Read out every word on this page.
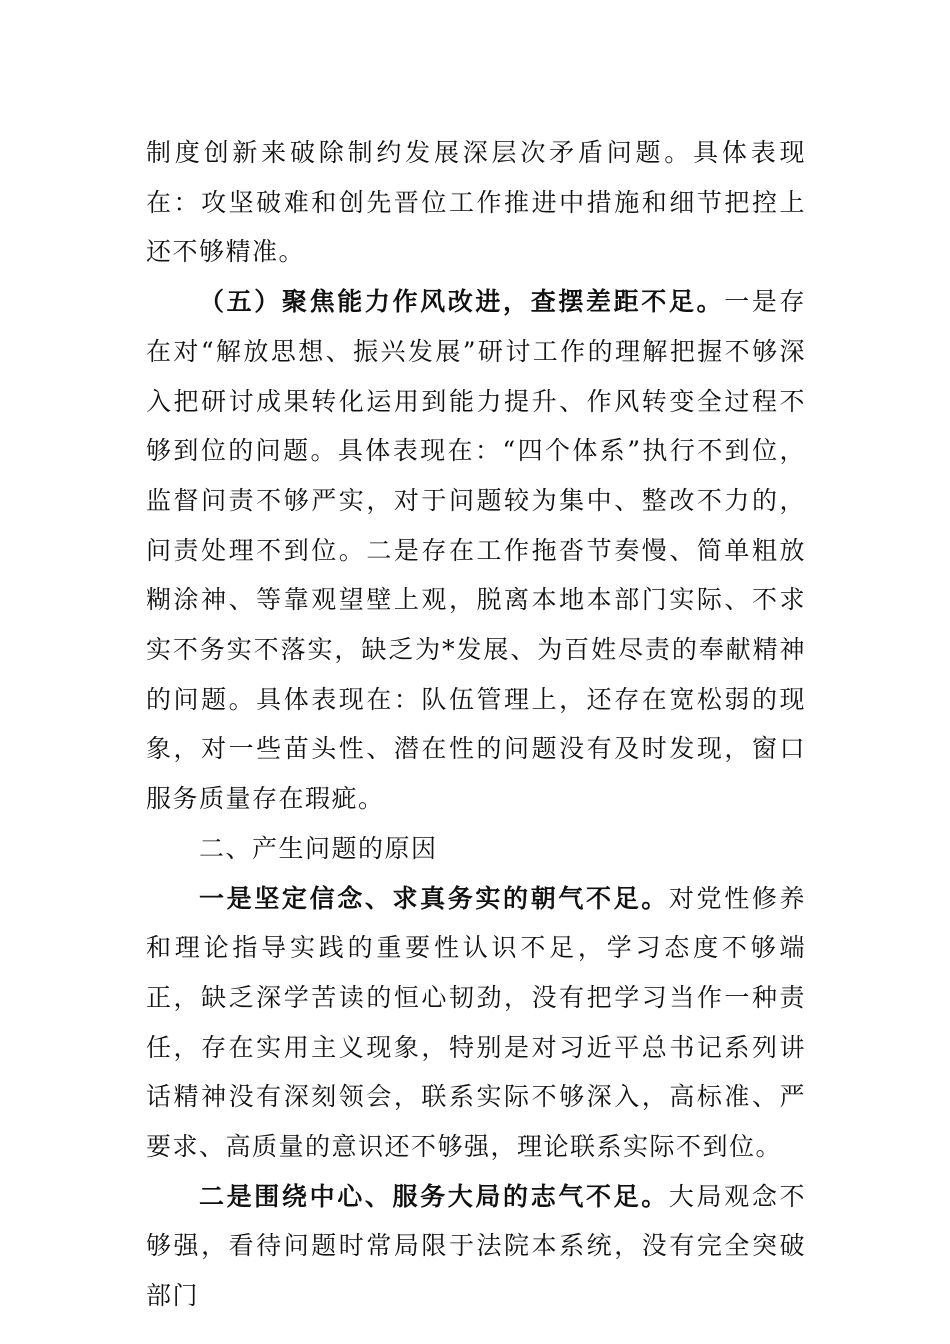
制度创新来破除制约发展深层次矛盾问题。具体表现在：攻坚破难和创先晋位工作推进中措施和细节把控上还不够精准。

（五）聚焦能力作风改进，查摆差距不足。一是存在对“解放思想、振兴发展”研讨工作的理解把握不够深入把研讨成果转化运用到能力提升、作风转变全过程不够到位的问题。具体表现在：“四个体系”执行不到位，监督问责不够严实，对于问题较为集中、整改不力的，问责处理不到位。二是存在工作拖沓节奏慢、简单粗放糊涂神、等靠观望壁上观，脱离本地本部门实际、不求实不务实不落实，缺乏为*发展、为百姓尽责的奉献精神的问题。具体表现在：队伍管理上，还存在宽松弱的现象，对一些苗头性、潜在性的问题没有及时发现，窗口服务质量存在瑕疵。

二、产生问题的原因

一是坚定信念、求真务实的朝气不足。对党性修养和理论指导实践的重要性认识不足，学习态度不够端正，缺乏深学苦读的恒心韧劲，没有把学习当作一种责任，存在实用主义现象，特别是对习近平总书记系列讲话精神没有深刻领会，联系实际不够深入，高标准、严要求、高质量的意识还不够强，理论联系实际不到位。

二是围绕中心、服务大局的志气不足。大局观念不够强，看待问题时常局限于法院本系统，没有完全突破部门
